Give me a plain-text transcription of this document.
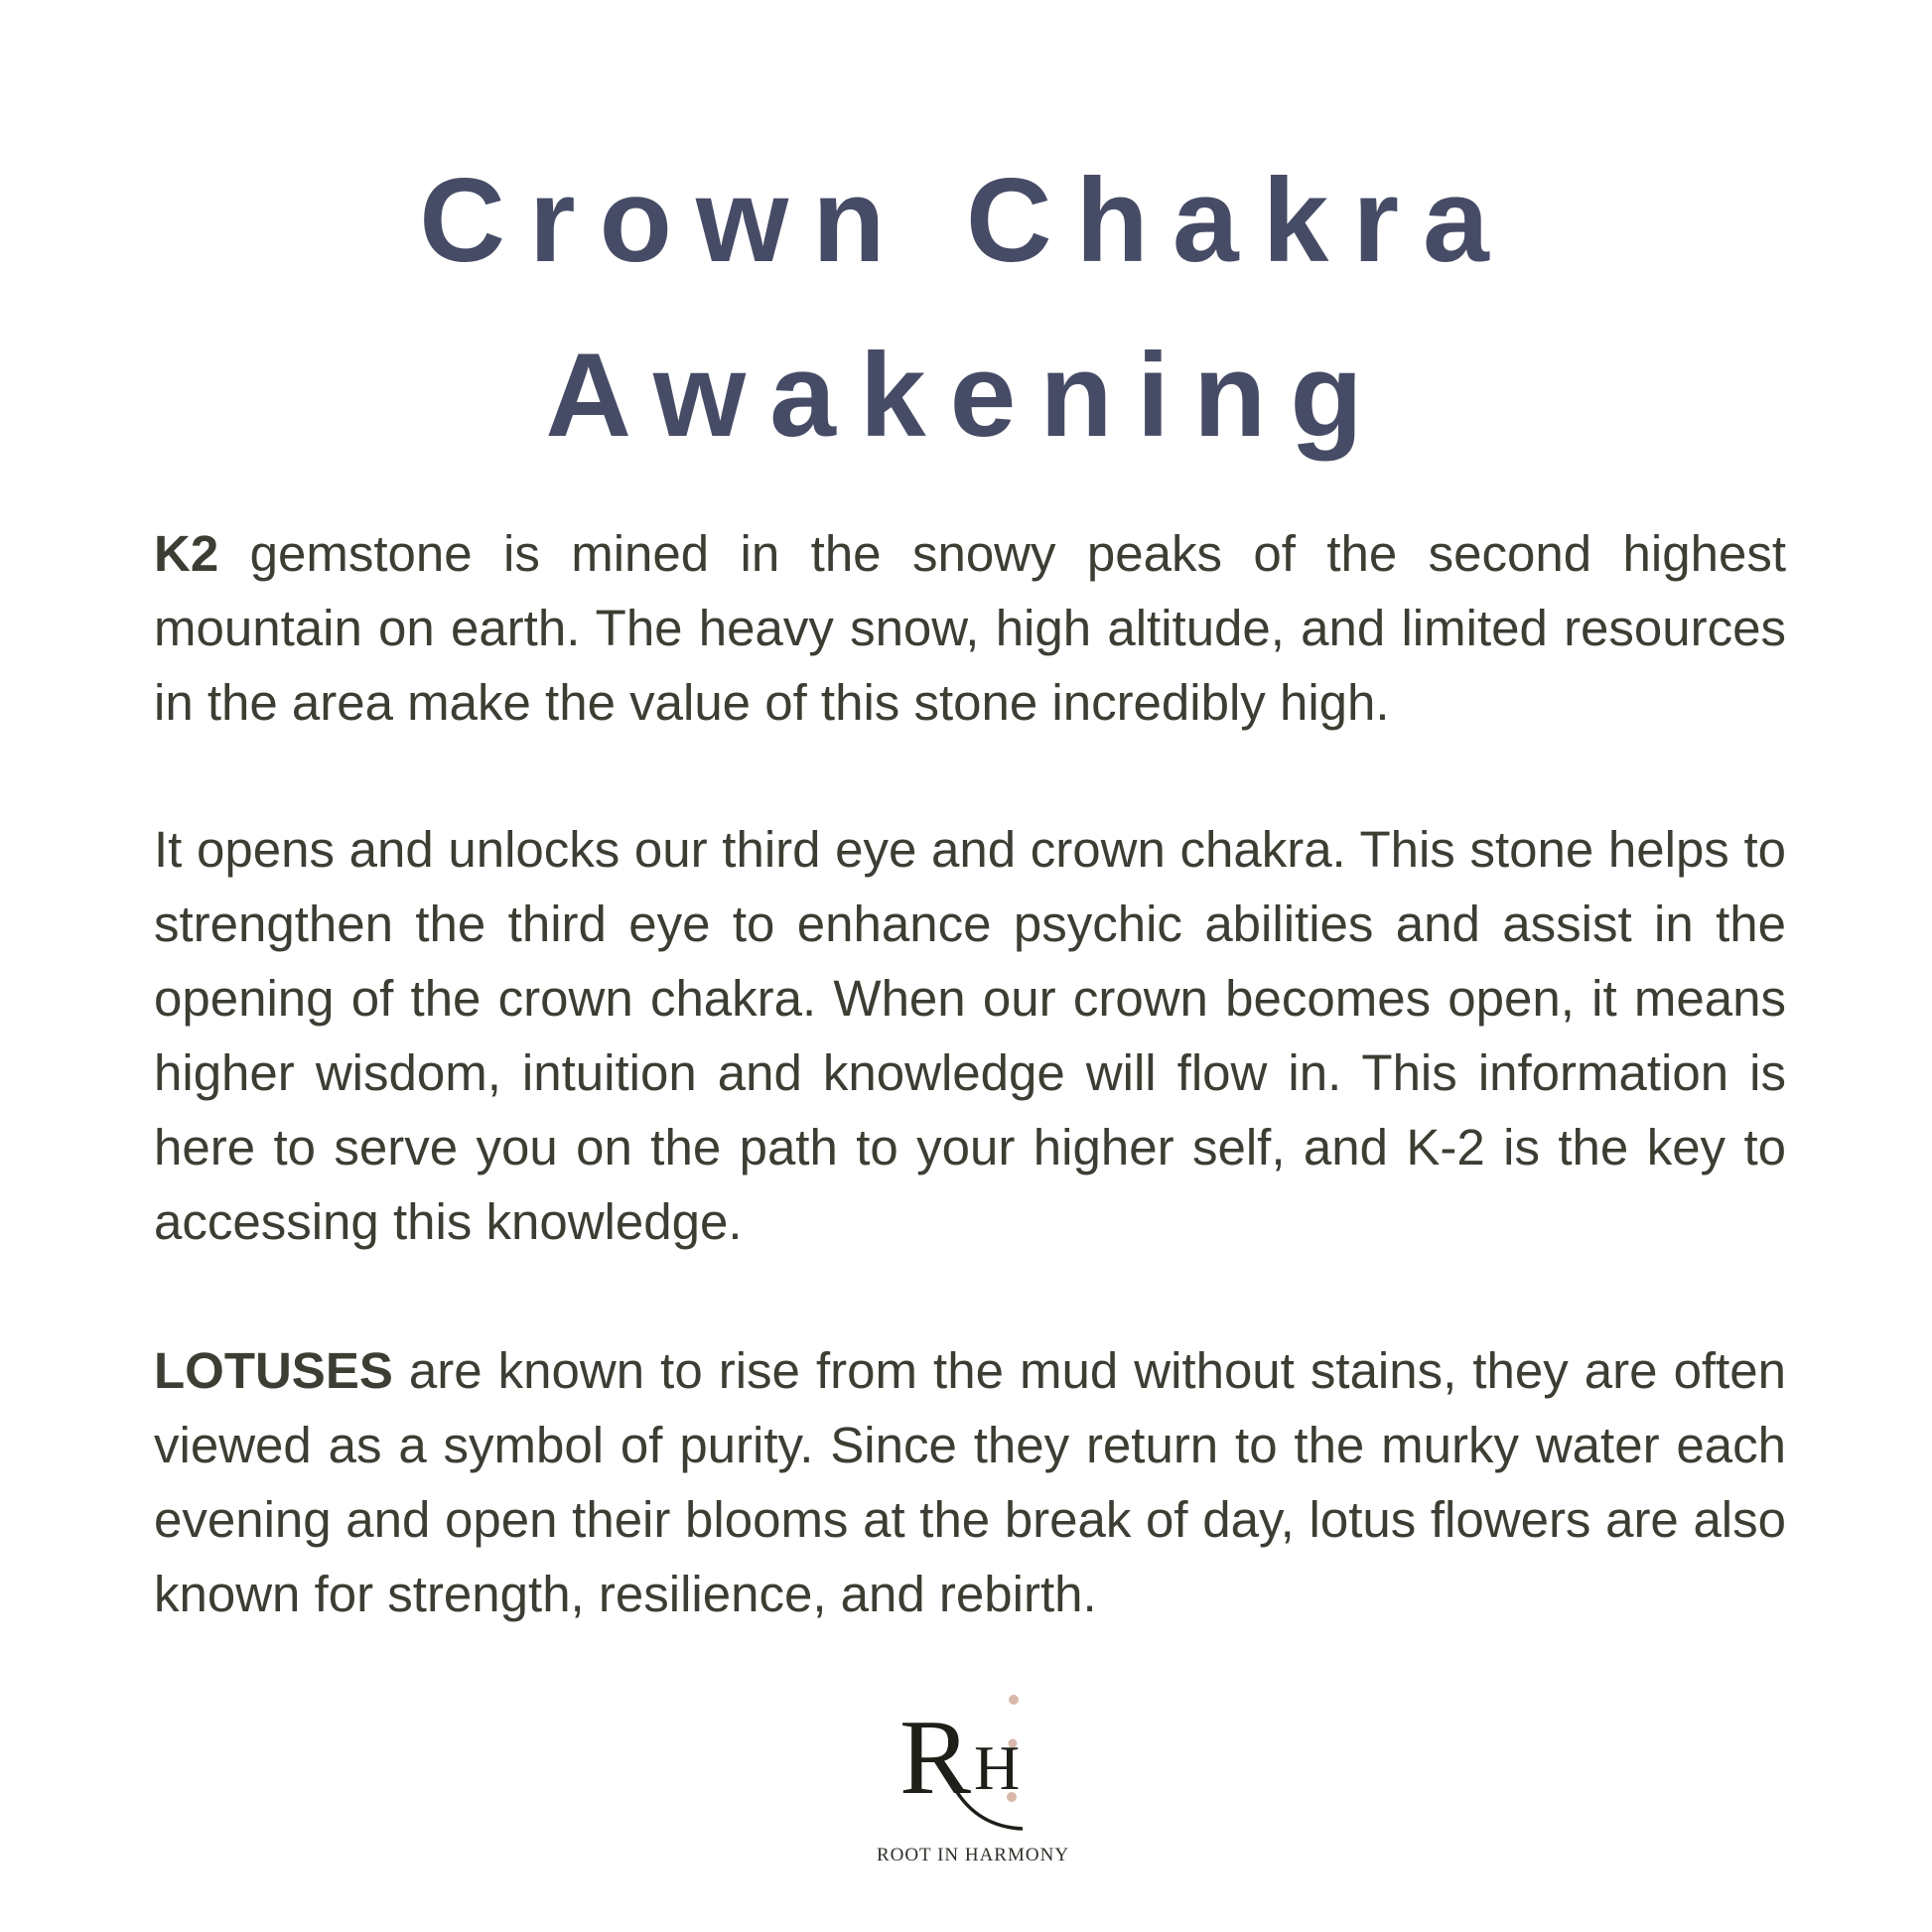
Crown Chakra
Awakening

K2 gemstone is mined in the snowy peaks of the second highest mountain on earth. The heavy snow, high altitude, and limited resources in the area make the value of this stone incredibly high.

It opens and unlocks our third eye and crown chakra. This stone helps to strengthen the third eye to enhance psychic abilities and assist in the opening of the crown chakra. When our crown becomes open, it means higher wisdom, intuition and knowledge will flow in. This information is here to serve you on the path to your higher self, and K-2 is the key to accessing this knowledge.

LOTUSES are known to rise from the mud without stains, they are often viewed as a symbol of purity. Since they return to the murky water each evening and open their blooms at the break of day, lotus flowers are also known for strength, resilience, and rebirth.

R H

ROOT IN HARMONY
